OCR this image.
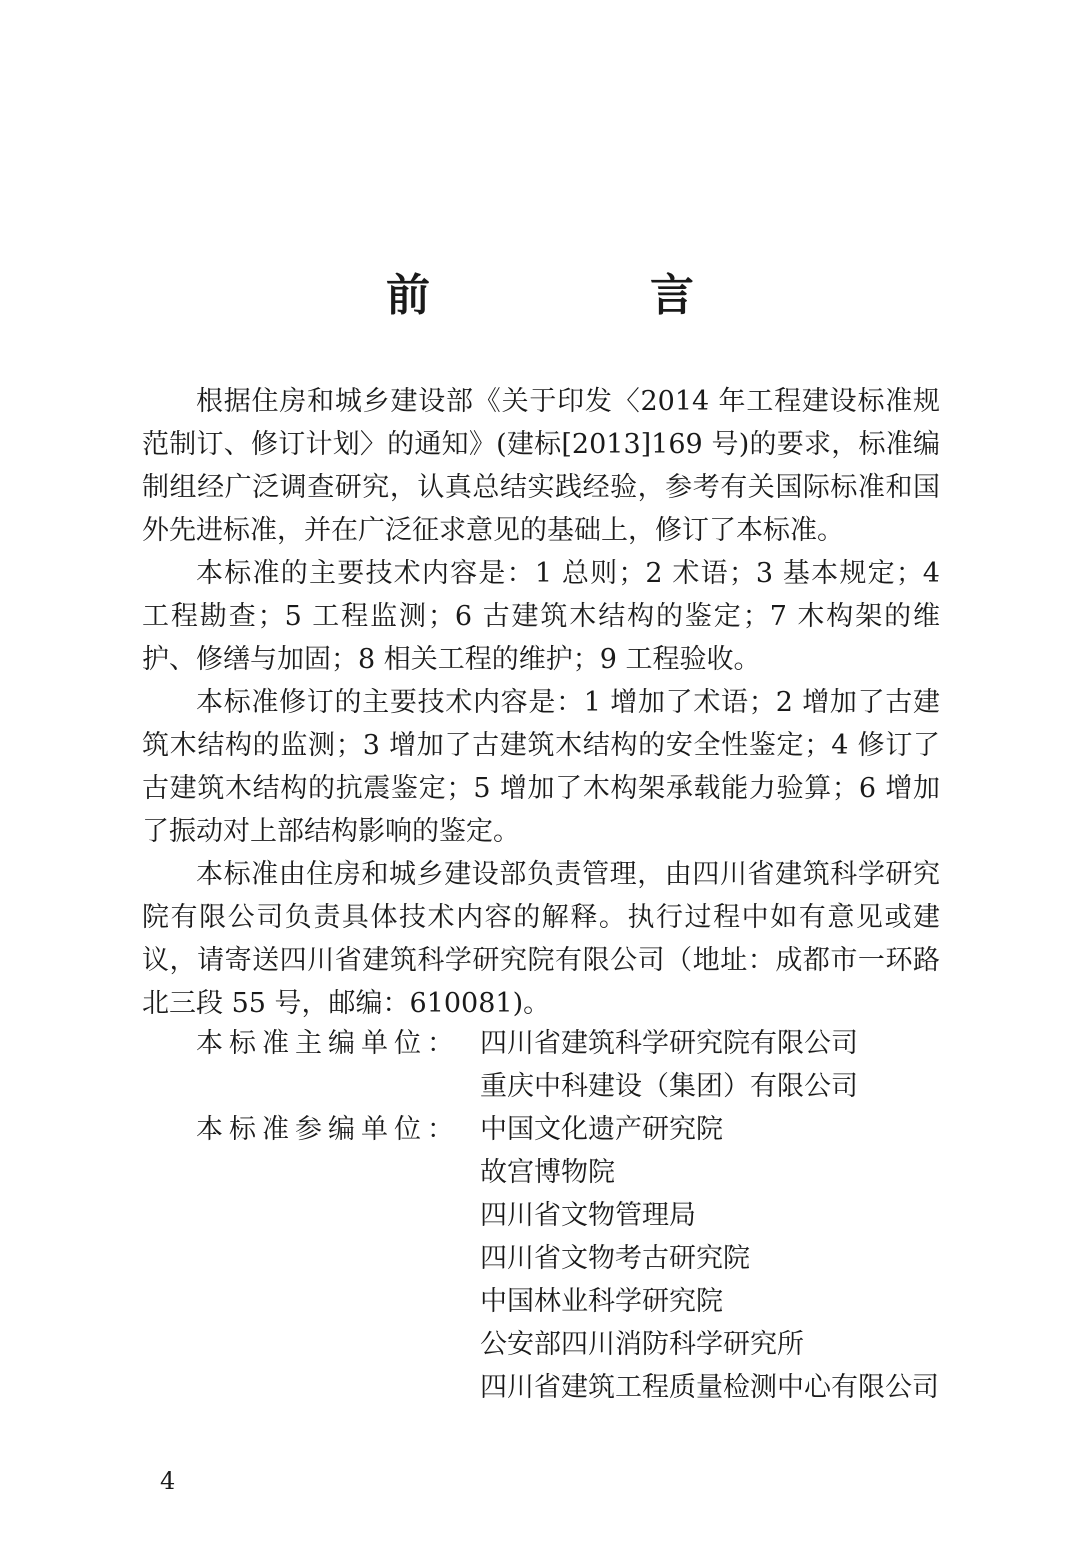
前　言

根据住房和城乡建设部《关于印发〈2014 年工程建设标准规范制订、修订计划〉的通知》(建标[2013]169 号)的要求，标准编制组经广泛调查研究，认真总结实践经验，参考有关国际标准和国外先进标准，并在广泛征求意见的基础上，修订了本标准。

本标准的主要技术内容是：1 总则；2 术语；3 基本规定；4 工程勘查；5 工程监测；6 古建筑木结构的鉴定；7 木构架的维护、修缮与加固；8 相关工程的维护；9 工程验收。

本标准修订的主要技术内容是：1 增加了术语；2 增加了古建筑木结构的监测；3 增加了古建筑木结构的安全性鉴定；4 修订了古建筑木结构的抗震鉴定；5 增加了木构架承载能力验算；6 增加了振动对上部结构影响的鉴定。

本标准由住房和城乡建设部负责管理，由四川省建筑科学研究院有限公司负责具体技术内容的解释。执行过程中如有意见或建议，请寄送四川省建筑科学研究院有限公司（地址：成都市一环路北三段 55 号，邮编：610081)。

本标准主编单位： 四川省建筑科学研究院有限公司
重庆中科建设（集团）有限公司
本标准参编单位： 中国文化遗产研究院
故宫博物院
四川省文物管理局
四川省文物考古研究院
中国林业科学研究院
公安部四川消防科学研究所
四川省建筑工程质量检测中心有限公司
4
